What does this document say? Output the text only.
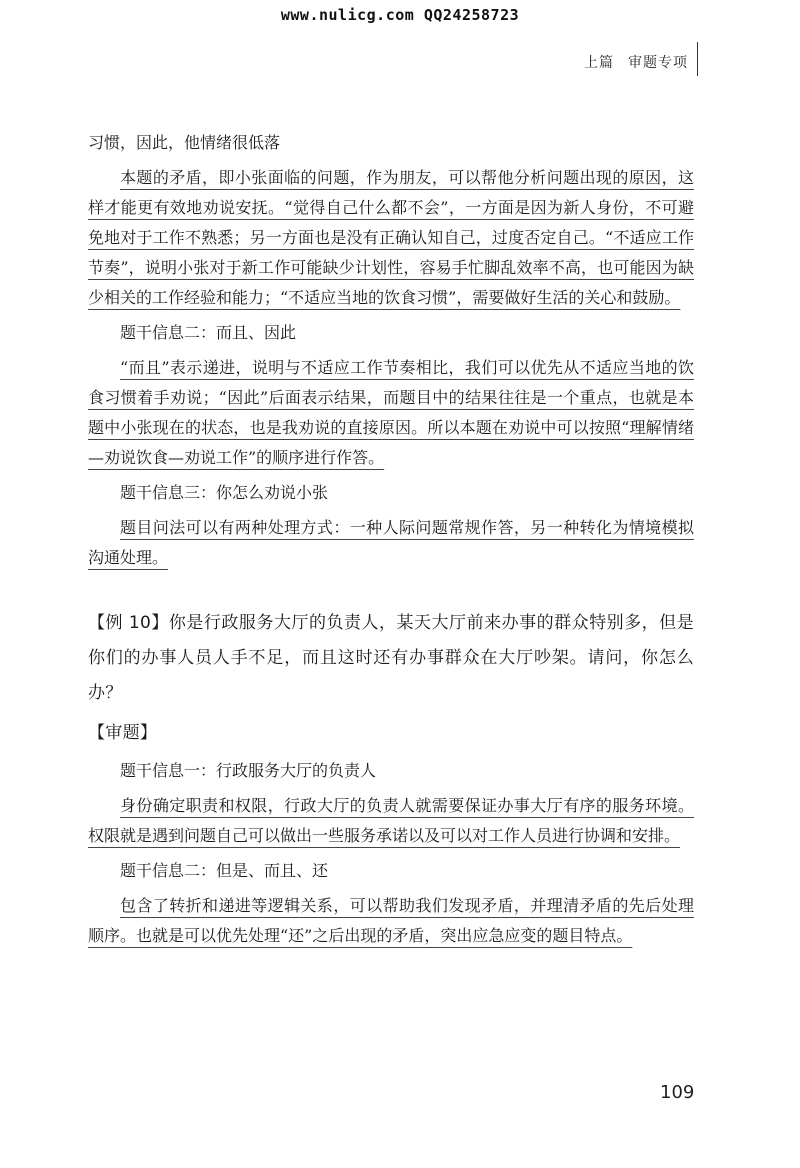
www.nulicg.com QQ24258723
上篇 审题专项

习惯，因此，他情绪很低落

本题的矛盾，即小张面临的问题，作为朋友，可以帮他分析问题出现的原因，这样才能更有效地劝说安抚。“觉得自己什么都不会”，一方面是因为新人身份，不可避免地对于工作不熟悉；另一方面也是没有正确认知自己，过度否定自己。“不适应工作节奏”，说明小张对于新工作可能缺少计划性，容易手忙脚乱效率不高，也可能因为缺少相关的工作经验和能力；“不适应当地的饮食习惯”，需要做好生活的关心和鼓励。

题干信息二：而且、因此

“而且”表示递进，说明与不适应工作节奏相比，我们可以优先从不适应当地的饮食习惯着手劝说；“因此”后面表示结果，而题目中的结果往往是一个重点，也就是本题中小张现在的状态，也是我劝说的直接原因。所以本题在劝说中可以按照“理解情绪—劝说饮食—劝说工作”的顺序进行作答。

题干信息三：你怎么劝说小张

题目问法可以有两种处理方式：一种人际问题常规作答，另一种转化为情境模拟沟通处理。

【例 10】你是行政服务大厅的负责人，某天大厅前来办事的群众特别多，但是你们的办事人员人手不足，而且这时还有办事群众在大厅吵架。请问，你怎么办？

【审题】

题干信息一：行政服务大厅的负责人

身份确定职责和权限，行政大厅的负责人就需要保证办事大厅有序的服务环境。权限就是遇到问题自己可以做出一些服务承诺以及可以对工作人员进行协调和安排。

题干信息二：但是、而且、还

包含了转折和递进等逻辑关系，可以帮助我们发现矛盾，并理清矛盾的先后处理顺序。也就是可以优先处理“还”之后出现的矛盾，突出应急应变的题目特点。

109
